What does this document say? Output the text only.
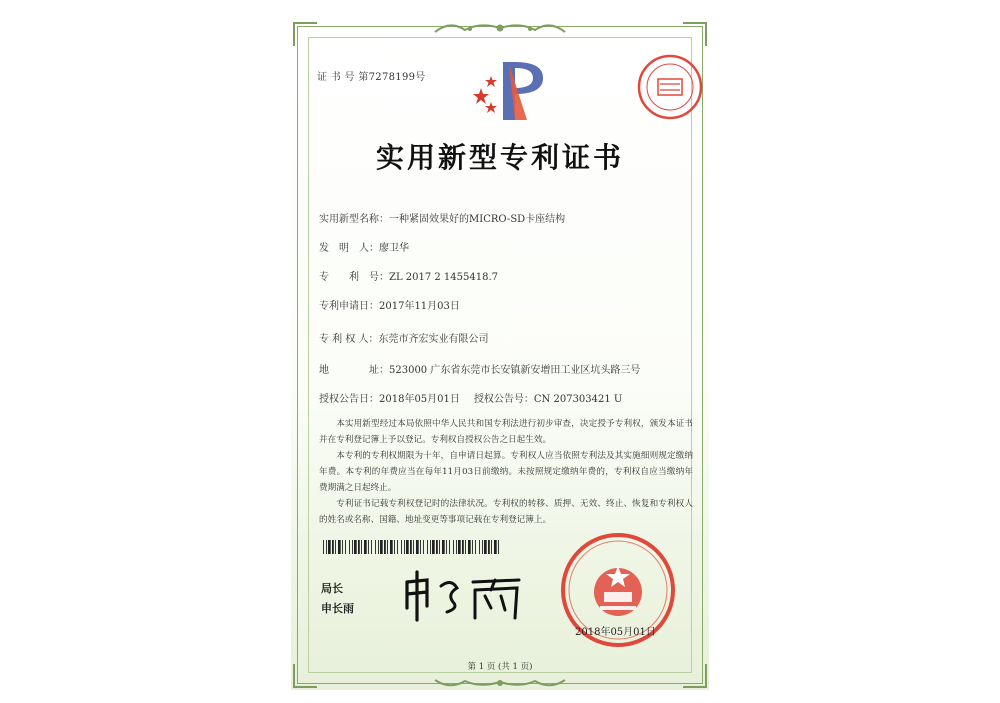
证 书 号 第7278199号
实用新型专利证书
实用新型名称：一种紧固效果好的MICRO-SD卡座结构
发　明　人：廖卫华
专　　利　号：ZL 2017 2 1455418.7
专利申请日：2017年11月03日
专 利 权 人：东莞市齐宏实业有限公司
地　　　　址：523000 广东省东莞市长安镇新安增田工业区坑头路三号
授权公告日：2018年05月01日 授权公告号：CN 207303421 U
本实用新型经过本局依照中华人民共和国专利法进行初步审查，决定授予专利权，颁发本证书并在专利登记簿上予以登记。专利权自授权公告之日起生效。
本专利的专利权期限为十年，自申请日起算。专利权人应当依照专利法及其实施细则规定缴纳年费。本专利的年费应当在每年11月03日前缴纳。未按照规定缴纳年费的，专利权自应当缴纳年费期满之日起终止。
专利证书记载专利权登记时的法律状况。专利权的转移、质押、无效、终止、恢复和专利权人的姓名或名称、国籍、地址变更等事项记载在专利登记簿上。
局长
申长雨
2018年05月01日
第 1 页 (共 1 页)
